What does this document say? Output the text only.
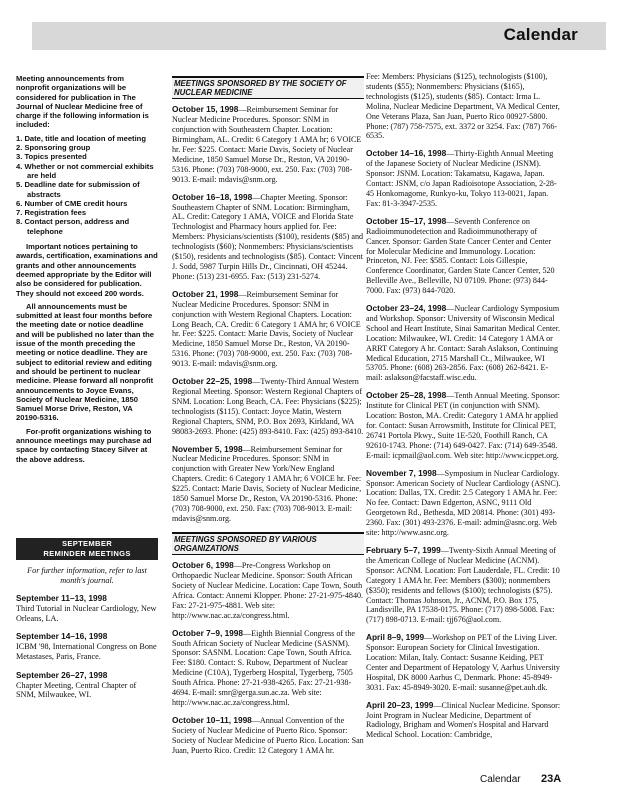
Calendar

Meeting announcements from nonprofit organizations will be considered for publication in The Journal of Nuclear Medicine free of charge if the following information is included:

1. Date, title and location of meeting
2. Sponsoring group
3. Topics presented
4. Whether or not commercial exhibits are held
5. Deadline date for submission of abstracts
6. Number of CME credit hours
7. Registration fees
8. Contact person, address and telephone

Important notices pertaining to awards, certification, examinations and grants and other announcements deemed appropriate by the Editor will also be considered for publication. They should not exceed 200 words.

All announcements must be submitted at least four months before the meeting date or notice deadline and will be published no later than the issue of the month preceding the meeting or notice deadline. They are subject to editorial review and editing and should be pertinent to nuclear medicine. Please forward all nonprofit announcements to Joyce Evans, Society of Nuclear Medicine, 1850 Samuel Morse Drive, Reston, VA 20190-5316.

For-profit organizations wishing to announce meetings may purchase ad space by contacting Stacey Silver at the above address.

SEPTEMBER
REMINDER MEETINGS
For further information, refer to last month's journal.
September 11–13, 1998
Third Tutorial in Nuclear Cardiology, New Orleans, LA.
September 14–16, 1998
ICBM '98, International Congress on Bone Metastases, Paris, France.
September 26–27, 1998
Chapter Meeting, Central Chapter of SNM, Milwaukee, WI.
MEETINGS SPONSORED BY THE SOCIETY OF NUCLEAR MEDICINE
October 15, 1998—Reimbursement Seminar for Nuclear Medicine Procedures. Sponsor: SNM in conjunction with Southeastern Chapter. Location: Birmingham, AL. Credit: 6 Category 1 AMA hr; 6 VOICE hr. Fee: $225. Contact: Marie Davis, Society of Nuclear Medicine, 1850 Samuel Morse Dr., Reston, VA 20190-5316. Phone: (703) 708-9000, ext. 250. Fax: (703) 708-9013. E-mail: mdavis@snm.org.
October 16–18, 1998—Chapter Meeting. Sponsor: Southeastern Chapter of SNM. Location: Birmingham, AL. Credit: Category 1 AMA, VOICE and Florida State Technologist and Pharmacy hours applied for. Fee: Members: Physicians/scientists ($100), residents ($85) and technologists ($60); Nonmembers: Physicians/scientists ($150), residents and technologists ($85). Contact: Vincent J. Sodd, 5987 Turpin Hills Dr., Cincinnati, OH 45244. Phone: (513) 231-6955. Fax: (513) 231-5274.
October 21, 1998—Reimbursement Seminar for Nuclear Medicine Procedures. Sponsor: SNM in conjunction with Western Regional Chapters. Location: Long Beach, CA. Credit: 6 Category 1 AMA hr; 6 VOICE hr. Fee: $225. Contact: Marie Davis, Society of Nuclear Medicine, 1850 Samuel Morse Dr., Reston, VA 20190-5316. Phone: (703) 708-9000, ext. 250. Fax: (703) 708-9013. E-mail: mdavis@snm.org.
October 22–25, 1998—Twenty-Third Annual Western Regional Meeting. Sponsor: Western Regional Chapters of SNM. Location: Long Beach, CA. Fee: Physicians ($225); technologists ($115). Contact: Joyce Matin, Western Regional Chapters, SNM, P.O. Box 2693, Kirkland, WA 98083-2693. Phone: (425) 893-8410. Fax: (425) 893-8410.
November 5, 1998—Reimbursement Seminar for Nuclear Medicine Procedures. Sponsor: SNM in conjunction with Greater New York/New England Chapters. Credit: 6 Category 1 AMA hr; 6 VOICE hr. Fee: $225. Contact: Marie Davis, Society of Nuclear Medicine, 1850 Samuel Morse Dr., Reston, VA 20190-5316. Phone: (703) 708-9000, ext. 250. Fax: (703) 708-9013. E-mail: mdavis@snm.org.
MEETINGS SPONSORED BY VARIOUS ORGANIZATIONS
October 6, 1998—Pre-Congress Workshop on Orthopaedic Nuclear Medicine. Sponsor: South African Society of Nuclear Medicine. Location: Cape Town, South Africa. Contact: Annemi Klopper. Phone: 27-21-975-4840. Fax: 27-21-975-4881. Web site: http://www.nac.ac.za/congress.html.
October 7–9, 1998—Eighth Biennial Congress of the South African Society of Nuclear Medicine (SASNM). Sponsor: SASNM. Location: Cape Town, South Africa. Fee: $180. Contact: S. Rubow, Department of Nuclear Medicine (C10A), Tygerberg Hospital, Tygerberg, 7505 South Africa. Phone: 27-21-938-4265. Fax: 27-21-938-4694. E-mail: smr@gerga.sun.ac.za. Web site: http://www.nac.ac.za/congress.html.
October 10–11, 1998—Annual Convention of the Society of Nuclear Medicine of Puerto Rico. Sponsor: Society of Nuclear Medicine of Puerto Rico. Location: San Juan, Puerto Rico. Credit: 12 Category 1 AMA hr.
Fee: Members: Physicians ($125), technologists ($100), students ($55); Nonmembers: Physicians ($165), technologists ($125), students ($85). Contact: Irma L. Molina, Nuclear Medicine Department, VA Medical Center, One Veterans Plaza, San Juan, Puerto Rico 00927-5800. Phone: (787) 758-7575, ext. 3372 or 3254. Fax: (787) 766-6535.
October 14–16, 1998—Thirty-Eighth Annual Meeting of the Japanese Society of Nuclear Medicine (JSNM). Sponsor: JSNM. Location: Takamatsu, Kagawa, Japan. Contact: JSNM, c/o Japan Radioisotope Association, 2-28-45 Honkomagome, Runkyo-ku, Tokyo 113-0021, Japan. Fax: 81-3-3947-2535.
October 15–17, 1998—Seventh Conference on Radioimmunodetection and Radioimmunotherapy of Cancer. Sponsor: Garden State Cancer Center and Center for Molecular Medicine and Immunology. Location: Princeton, NJ. Fee: $585. Contact: Lois Gillespie, Conference Coordinator, Garden State Cancer Center, 520 Belleville Ave., Belleville, NJ 07109. Phone: (973) 844-7000. Fax: (973) 844-7020.
October 23–24, 1998—Nuclear Cardiology Symposium and Workshop. Sponsor: University of Wisconsin Medical School and Heart Institute, Sinai Samaritan Medical Center. Location: Milwaukee, WI. Credit: 14 Category 1 AMA or ARRT Category A hr. Contact: Sarah Aslakson, Continuing Medical Education, 2715 Marshall Ct., Milwaukee, WI 53705. Phone: (608) 263-2856. Fax: (608) 262-8421. E-mail: aslakson@facstaff.wisc.edu.
October 25–28, 1998—Tenth Annual Meeting. Sponsor: Institute for Clinical PET (in conjunction with SNM). Location: Boston, MA. Credit: Category 1 AMA hr applied for. Contact: Susan Arrowsmith, Institute for Clinical PET, 26741 Portola Pkwy., Suite 1E-520, Foothill Ranch, CA 92610-1743. Phone: (714) 649-0427. Fax: (714) 649-3548. E-mail: icpmail@aol.com. Web site: http://www.icppet.org.
November 7, 1998—Symposium in Nuclear Cardiology. Sponsor: American Society of Nuclear Cardiology (ASNC). Location: Dallas, TX. Credit: 2.5 Category 1 AMA hr. Fee: No fee. Contact: Dawn Edgerton, ASNC, 9111 Old Georgetown Rd., Bethesda, MD 20814. Phone: (301) 493-2360. Fax: (301) 493-2376. E-mail: admin@asnc.org. Web site: http://www.asnc.org.
February 5–7, 1999—Twenty-Sixth Annual Meeting of the American College of Nuclear Medicine (ACNM). Sponsor: ACNM. Location: Fort Lauderdale, FL. Credit: 10 Category 1 AMA hr. Fee: Members ($300); nonmembers ($350); residents and fellows ($100); technologists ($75). Contact: Thomas Johnson, Jr., ACNM, P.O. Box 175, Landisville, PA 17538-0175. Phone: (717) 898-5008. Fax: (717) 898-0713. E-mail: tjj676@aol.com.
April 8–9, 1999—Workshop on PET of the Living Liver. Sponsor: European Society for Clinical Investigation. Location: Milan, Italy. Contact: Susanne Keiding, PET Center and Department of Hepatology V, Aarhus University Hospital, DK 8000 Aarhus C, Denmark. Phone: 45-8949-3031. Fax: 45-8949-3020. E-mail: susanne@pet.auh.dk.
April 20–23, 1999—Clinical Nuclear Medicine. Sponsor: Joint Program in Nuclear Medicine, Department of Radiology, Brigham and Women's Hospital and Harvard Medical School. Location: Cambridge,
Calendar 23A
